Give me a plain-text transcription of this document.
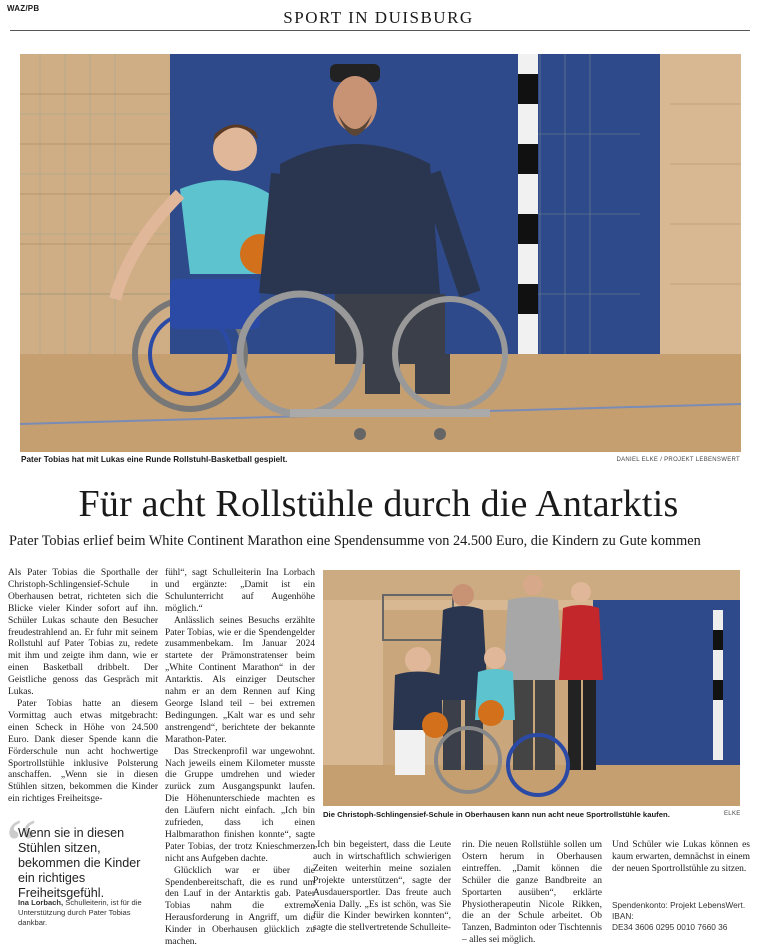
WAZ/PB	SPORT IN DUISBURG
Pater Tobias hat mit Lukas eine Runde Rollstuhl-Basketball gespielt.	DANIEL ELKE / PROJEKT LEBENSWERT
Für acht Rollstühle durch die Antarktis
Pater Tobias erlief beim White Continent Marathon eine Spendensumme von 24.500 Euro, die Kindern zu Gute kommen

Als Pater Tobias die Sporthalle der Christoph-Schlingensief-Schule in Oberhausen betrat, richteten sich die Blicke vieler Kinder sofort auf ihn. Schüler Lukas schaute den Besucher freudestrahlend an. Er fuhr mit seinem Rollstuhl auf Pater Tobias zu, redete mit ihm und zeigte ihm dann, wie er einen Basketball dribbelt. Der Geistliche genoss das Gespräch mit Lukas.

Pater Tobias hatte an diesem Vormittag auch etwas mitgebracht: einen Scheck in Höhe von 24.500 Euro. Dank dieser Spende kann die Förderschule nun acht hochwertige Sportrollstühle inklusive Polsterung anschaffen. „Wenn sie in diesen Stühlen sitzen, bekommen die Kinder ein richtiges Freiheitsge-

“
Wenn sie in diesen Stühlen sitzen, bekommen die Kinder ein richtiges Freiheitsgefühl.
Ina Lorbach, Schulleiterin, ist für die Unterstützung durch Pater Tobias dankbar.

fühl“, sagt Schulleiterin Ina Lorbach und ergänzte: „Damit ist ein Schulunterricht auf Augenhöhe möglich.“

Anlässlich seines Besuchs erzählte Pater Tobias, wie er die Spendengelder zusammenbekam. Im Januar 2024 startete der Prämonstratenser beim „White Continent Marathon“ in der Antarktis. Als einziger Deutscher nahm er an dem Rennen auf King George Island teil – bei extremen Bedingungen. „Kalt war es und sehr anstrengend“, berichtete der bekannte Marathon-Pater.

Das Streckenprofil war ungewohnt. Nach jeweils einem Kilometer musste die Gruppe umdrehen und wieder zurück zum Ausgangspunkt laufen. Die Höhenunterschiede machten es den Läufern nicht einfach. „Ich bin zufrieden, dass ich einen Halbmarathon finishen konnte“, sagte Pater Tobias, der trotz Knieschmerzen nicht ans Aufgeben dachte.

Glücklich war er über die Spendenbereitschaft, die es rund um den Lauf in der Antarktis gab. Pater Tobias nahm die extreme Herausforderung in Angriff, um die Kinder in Oberhausen glücklich zu machen.

Die Christoph-Schlingensief-Schule in Oberhausen kann nun acht neue Sportrollstühle kaufen.	ELKE

„Ich bin begeistert, dass die Leute auch in wirtschaftlich schwierigen Zeiten weiterhin meine sozialen Projekte unterstützen“, sagte der Ausdauersportler. Das freute auch Xenia Dally. „Es ist schön, was Sie für die Kinder bewirken konnten“, sagte die stellvertretende Schulleite-

rin. Die neuen Rollstühle sollen um Ostern herum in Oberhausen eintreffen. „Damit können die Schüler die ganze Bandbreite an Sportarten ausüben“, erklärte Physiotherapeutin Nicole Rikken, die an der Schule arbeitet. Ob Tanzen, Badminton oder Tischtennis – alles sei möglich.

Und Schüler wie Lukas können es kaum erwarten, demnächst in einem der neuen Sportrollstühle zu sitzen.

Spendenkonto: Projekt LebensWert.
IBAN:
DE34 3606 0295 0010 7660 36
